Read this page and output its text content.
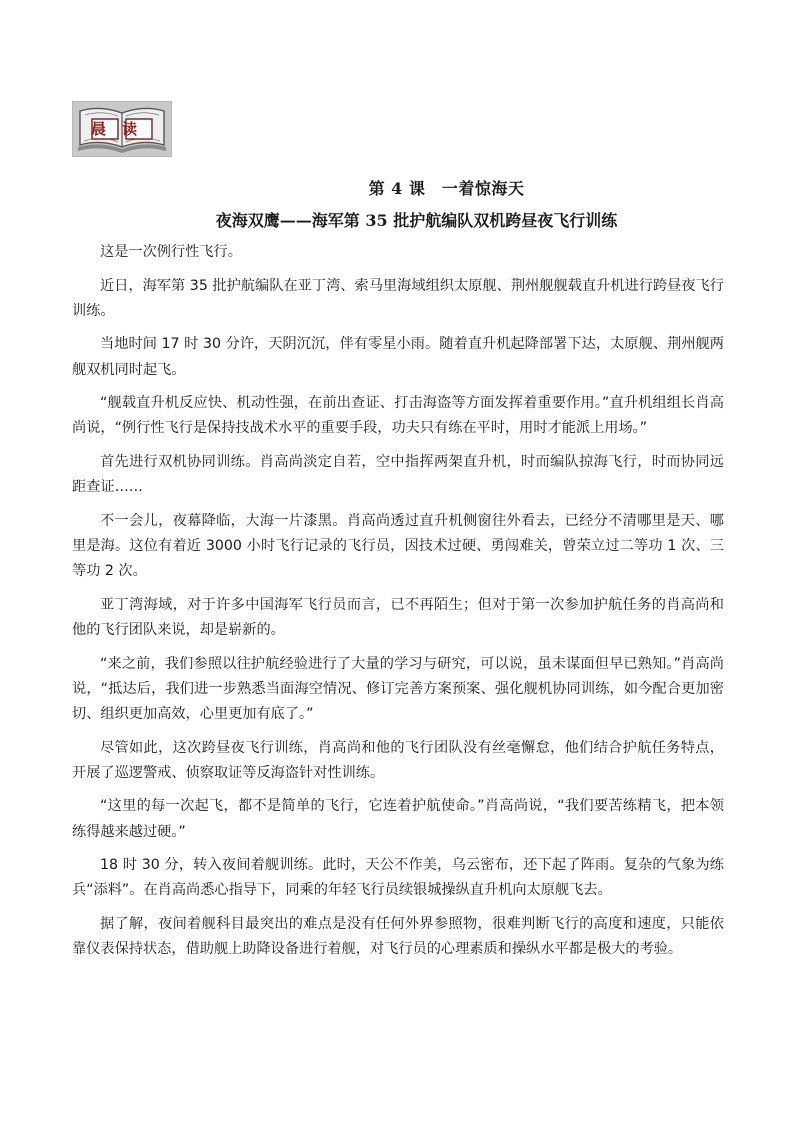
晨读
第 4 课　一着惊海天
夜海双鹰——海军第 35 批护航编队双机跨昼夜飞行训练

这是一次例行性飞行。

近日，海军第 35 批护航编队在亚丁湾、索马里海域组织太原舰、荆州舰舰载直升机进行跨昼夜飞行训练。

当地时间 17 时 30 分许，天阴沉沉，伴有零星小雨。随着直升机起降部署下达，太原舰、荆州舰两舰双机同时起飞。

“舰载直升机反应快、机动性强，在前出查证、打击海盗等方面发挥着重要作用。”直升机组组长肖高尚说，“例行性飞行是保持技战术水平的重要手段，功夫只有练在平时，用时才能派上用场。”

首先进行双机协同训练。肖高尚淡定自若，空中指挥两架直升机，时而编队掠海飞行，时而协同远距查证……

不一会儿，夜幕降临，大海一片漆黑。肖高尚透过直升机侧窗往外看去，已经分不清哪里是天、哪里是海。这位有着近 3000 小时飞行记录的飞行员，因技术过硬、勇闯难关，曾荣立过二等功 1 次、三等功 2 次。

亚丁湾海域，对于许多中国海军飞行员而言，已不再陌生；但对于第一次参加护航任务的肖高尚和他的飞行团队来说，却是崭新的。

“来之前，我们参照以往护航经验进行了大量的学习与研究，可以说，虽未谋面但早已熟知。”肖高尚说，“抵达后，我们进一步熟悉当面海空情况、修订完善方案预案、强化舰机协同训练，如今配合更加密切、组织更加高效，心里更加有底了。”

尽管如此，这次跨昼夜飞行训练，肖高尚和他的飞行团队没有丝毫懈怠，他们结合护航任务特点，开展了巡逻警戒、侦察取证等反海盗针对性训练。

“这里的每一次起飞，都不是简单的飞行，它连着护航使命。”肖高尚说，“我们要苦练精飞，把本领练得越来越过硬。”

18 时 30 分，转入夜间着舰训练。此时，天公不作美，乌云密布，还下起了阵雨。复杂的气象为练兵“添料”。在肖高尚悉心指导下，同乘的年轻飞行员续银城操纵直升机向太原舰飞去。

据了解，夜间着舰科目最突出的难点是没有任何外界参照物，很难判断飞行的高度和速度，只能依靠仪表保持状态，借助舰上助降设备进行着舰，对飞行员的心理素质和操纵水平都是极大的考验。
